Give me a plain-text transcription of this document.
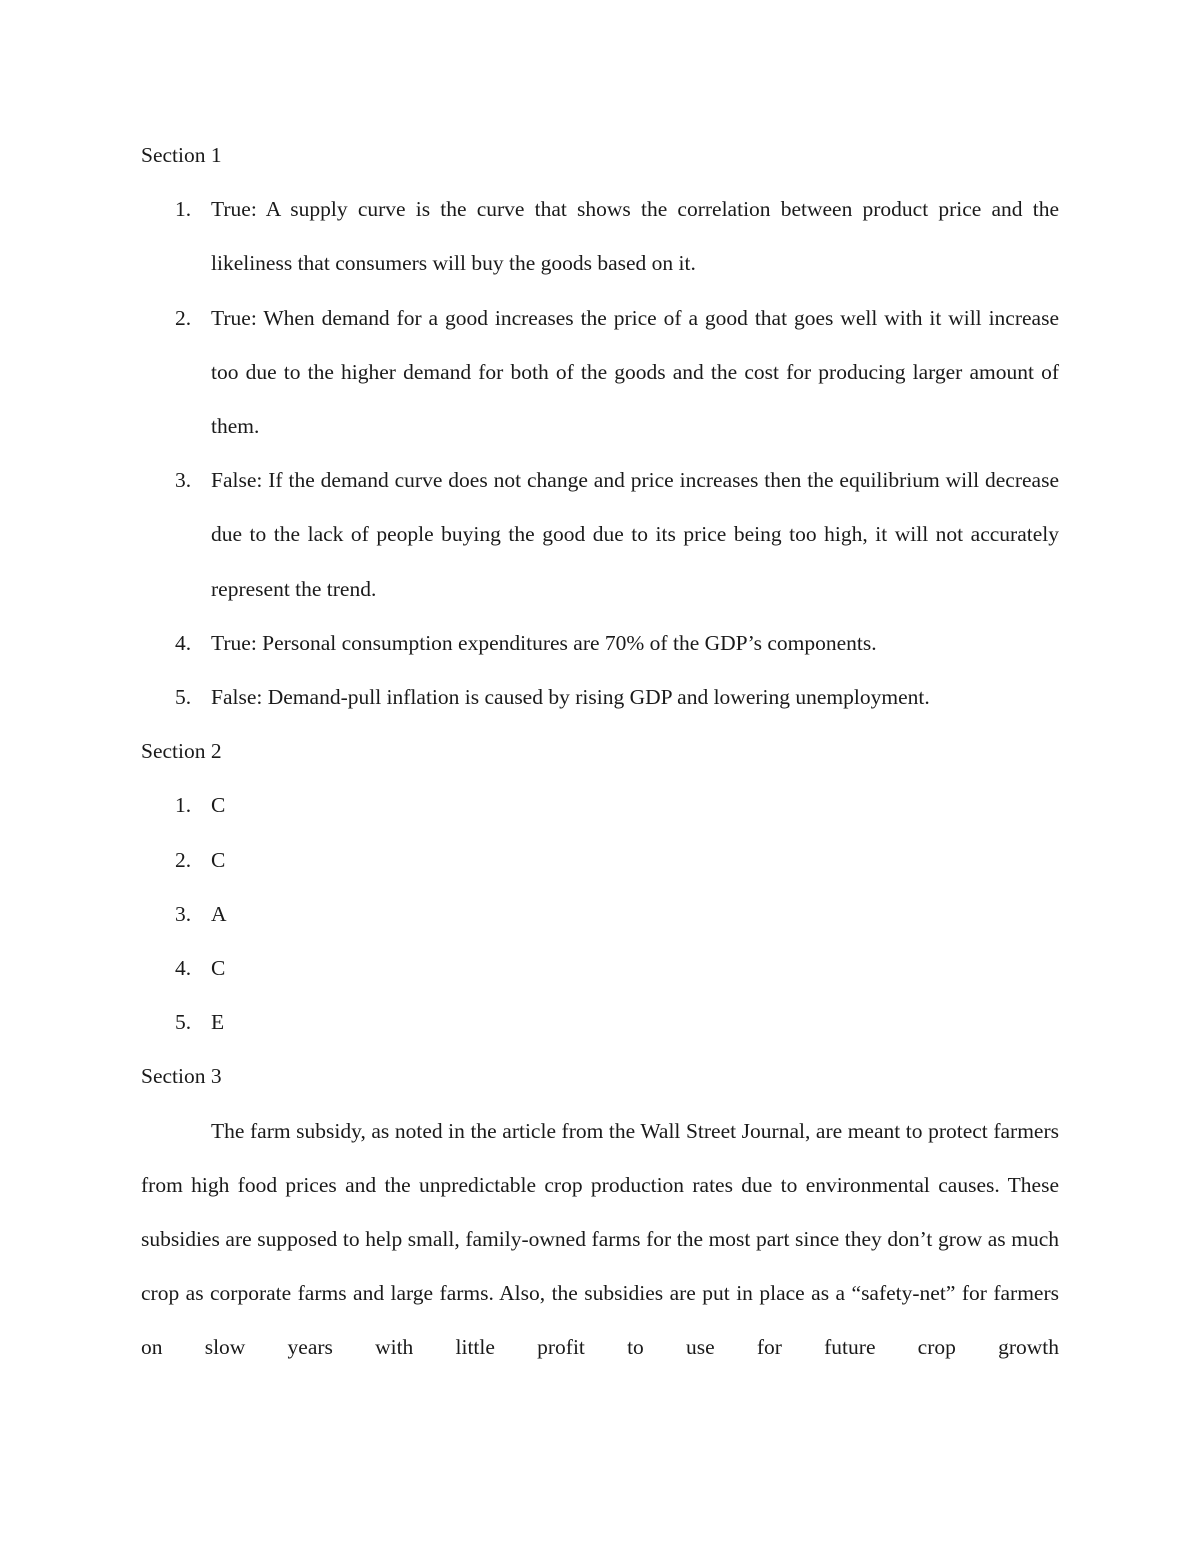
Section 1
1. True: A supply curve is the curve that shows the correlation between product price and the likeliness that consumers will buy the goods based on it.
2. True: When demand for a good increases the price of a good that goes well with it will increase too due to the higher demand for both of the goods and the cost for producing larger amount of them.
3. False: If the demand curve does not change and price increases then the equilibrium will decrease due to the lack of people buying the good due to its price being too high, it will not accurately represent the trend.
4. True: Personal consumption expenditures are 70% of the GDP’s components.
5. False: Demand-pull inflation is caused by rising GDP and lowering unemployment.
Section 2
1. C
2. C
3. A
4. C
5. E
Section 3

The farm subsidy, as noted in the article from the Wall Street Journal, are meant to protect farmers from high food prices and the unpredictable crop production rates due to environmental causes. These subsidies are supposed to help small, family-owned farms for the most part since they don’t grow as much crop as corporate farms and large farms. Also, the subsidies are put in place as a “safety-net” for farmers on slow years with little profit to use for future crop growth
